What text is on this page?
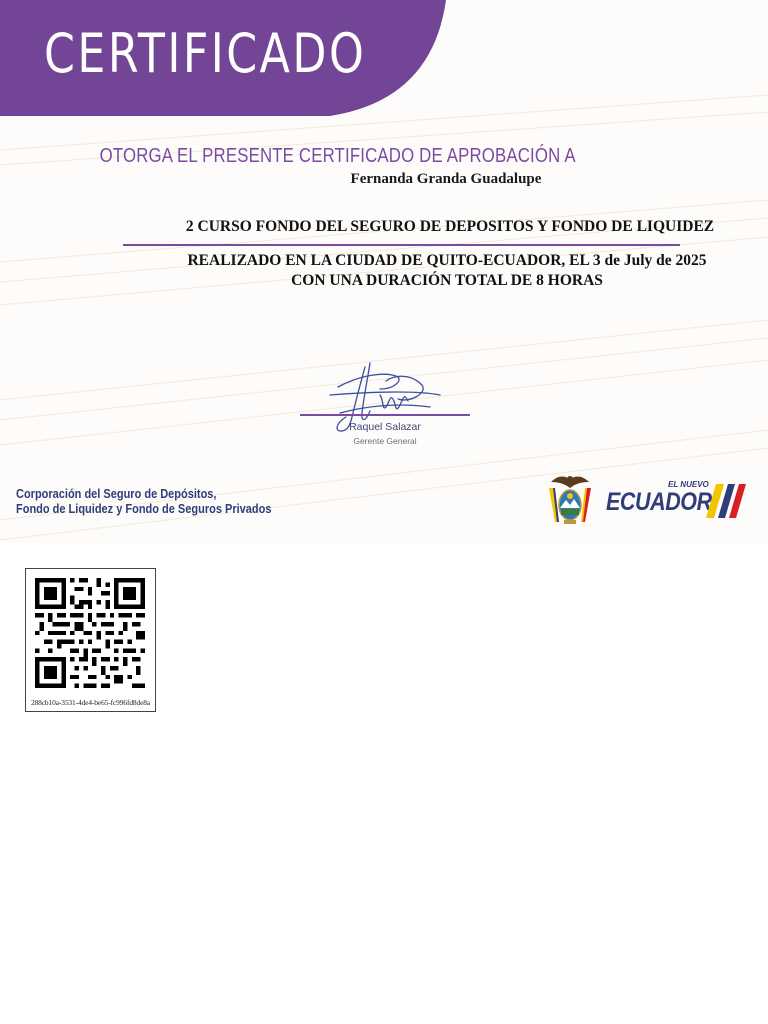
CERTIFICADO
OTORGA EL PRESENTE CERTIFICADO DE APROBACIÓN A
Fernanda Granda Guadalupe
2 CURSO FONDO DEL SEGURO DE DEPOSITOS Y FONDO DE LIQUIDEZ
REALIZADO EN LA CIUDAD DE QUITO-ECUADOR, EL 3 de July de 2025
CON UNA DURACIÓN TOTAL DE 8 HORAS
Raquel Salazar
Gerente General
Corporación del Seguro de Depósitos,
Fondo de Liquidez y Fondo de Seguros Privados
EL NUEVO
ECUADOR
288cb10a-3531-4de4-be65-fc996fd8de8a
